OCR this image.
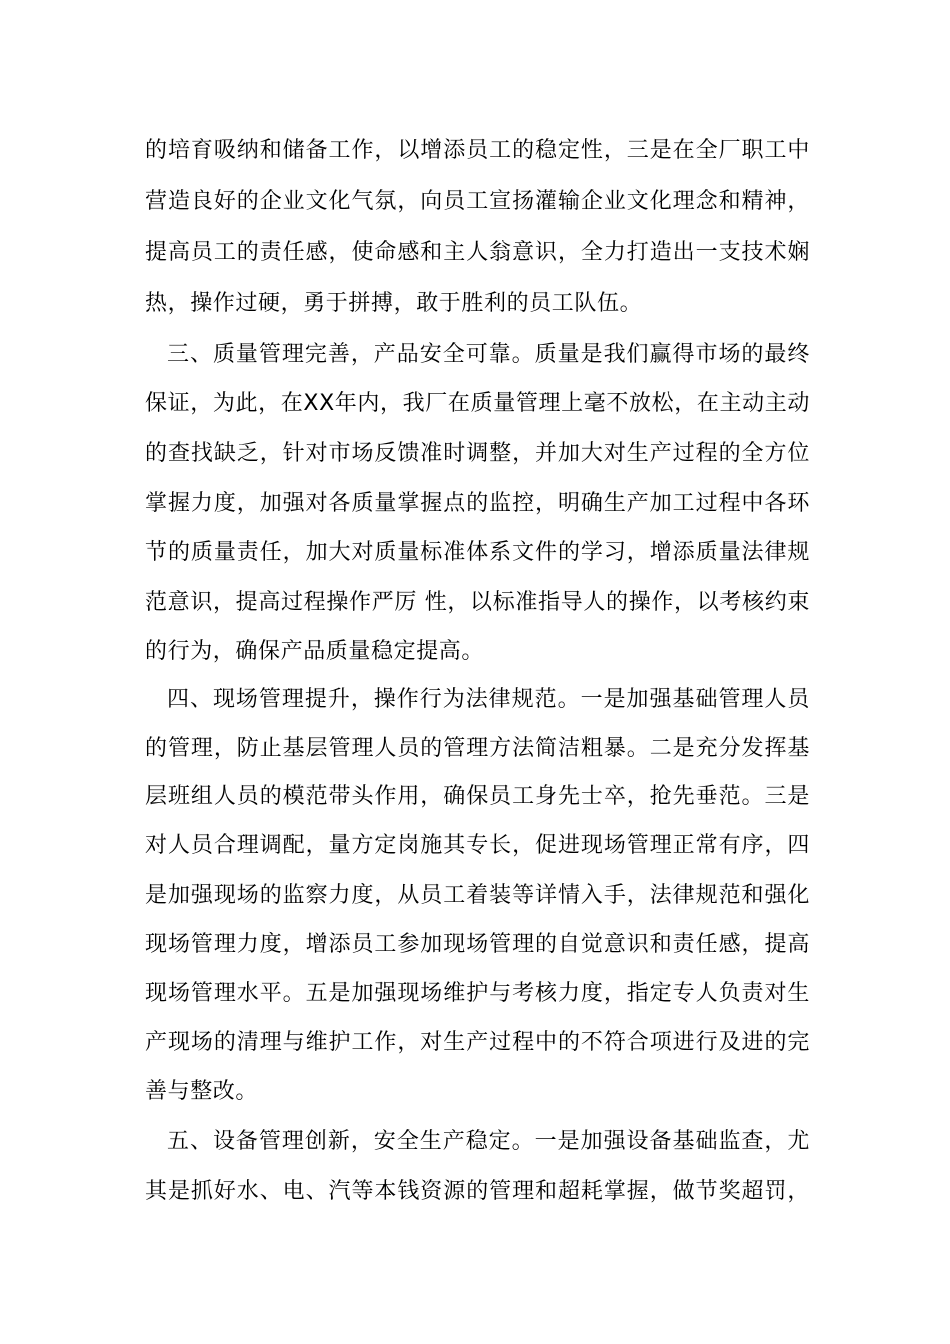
的培育吸纳和储备工作，以增添员工的稳定性，三是在全厂职工中

营造良好的企业文化气氛，向员工宣扬灌输企业文化理念和精神，

提高员工的责任感，使命感和主人翁意识，全力打造出一支技术娴

热，操作过硬，勇于拼搏，敢于胜利的员工队伍。

三、质量管理完善，产品安全可靠。质量是我们赢得市场的最终

保证，为此，在XX年内，我厂在质量管理上毫不放松，在主动主动

的查找缺乏，针对市场反馈准时调整，并加大对生产过程的全方位

掌握力度，加强对各质量掌握点的监控，明确生产加工过程中各环

节的质量责任，加大对质量标准体系文件的学习，增添质量法律规

范意识，提高过程操作严厉 性，以标准指导人的操作，以考核约束

的行为，确保产品质量稳定提高。

四、现场管理提升，操作行为法律规范。一是加强基础管理人员

的管理，防止基层管理人员的管理方法简洁粗暴。二是充分发挥基

层班组人员的模范带头作用，确保员工身先士卒，抢先垂范。三是

对人员合理调配，量方定岗施其专长，促进现场管理正常有序，四

是加强现场的监察力度，从员工着装等详情入手，法律规范和强化

现场管理力度，增添员工参加现场管理的自觉意识和责任感，提高

现场管理水平。五是加强现场维护与考核力度，指定专人负责对生

产现场的清理与维护工作，对生产过程中的不符合项进行及进的完

善与整改。

五、设备管理创新，安全生产稳定。一是加强设备基础监查，尤

其是抓好水、电、汽等本钱资源的管理和超耗掌握，做节奖超罚，
